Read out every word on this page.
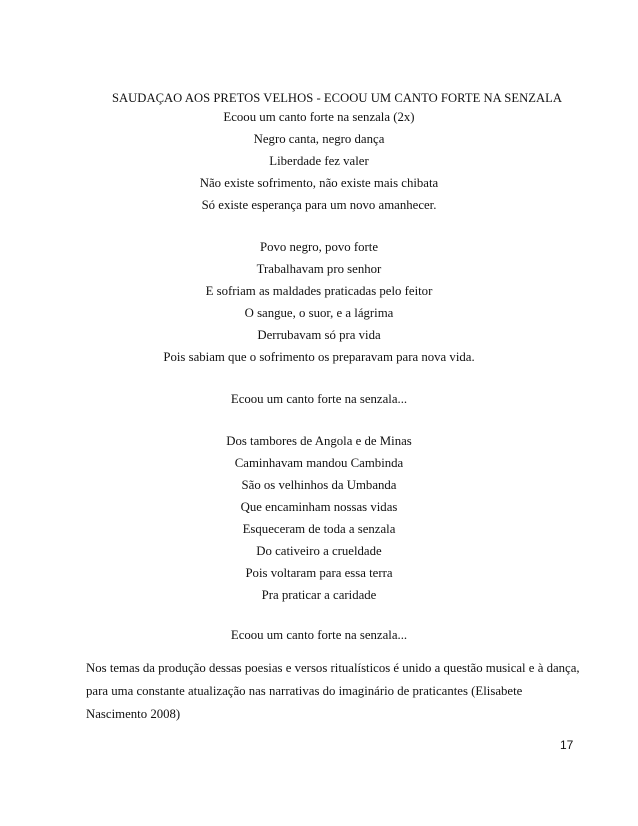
SAUDAÇAO AOS PRETOS VELHOS - ECOOU UM CANTO FORTE NA SENZALA
Ecoou um canto forte na senzala (2x)
Negro canta, negro dança
Liberdade fez valer
Não existe sofrimento, não existe mais chibata
Só existe esperança para um novo amanhecer.
Povo negro, povo forte
Trabalhavam pro senhor
E sofriam as maldades praticadas pelo feitor
O sangue, o suor, e a lágrima
Derrubavam só pra vida
Pois sabiam que o sofrimento os preparavam para nova vida.
Ecoou um canto forte na senzala...
Dos tambores de Angola e de Minas
Caminhavam mandou Cambinda
São os velhinhos da Umbanda
Que encaminham nossas vidas
Esqueceram de toda a senzala
Do cativeiro a crueldade
Pois voltaram para essa terra
Pra praticar a caridade
Ecoou um canto forte na senzala...
Nos temas da produção dessas poesias e versos ritualísticos é unido a questão musical e à dança, para uma constante atualização nas narrativas do imaginário de praticantes (Elisabete Nascimento 2008)
17
